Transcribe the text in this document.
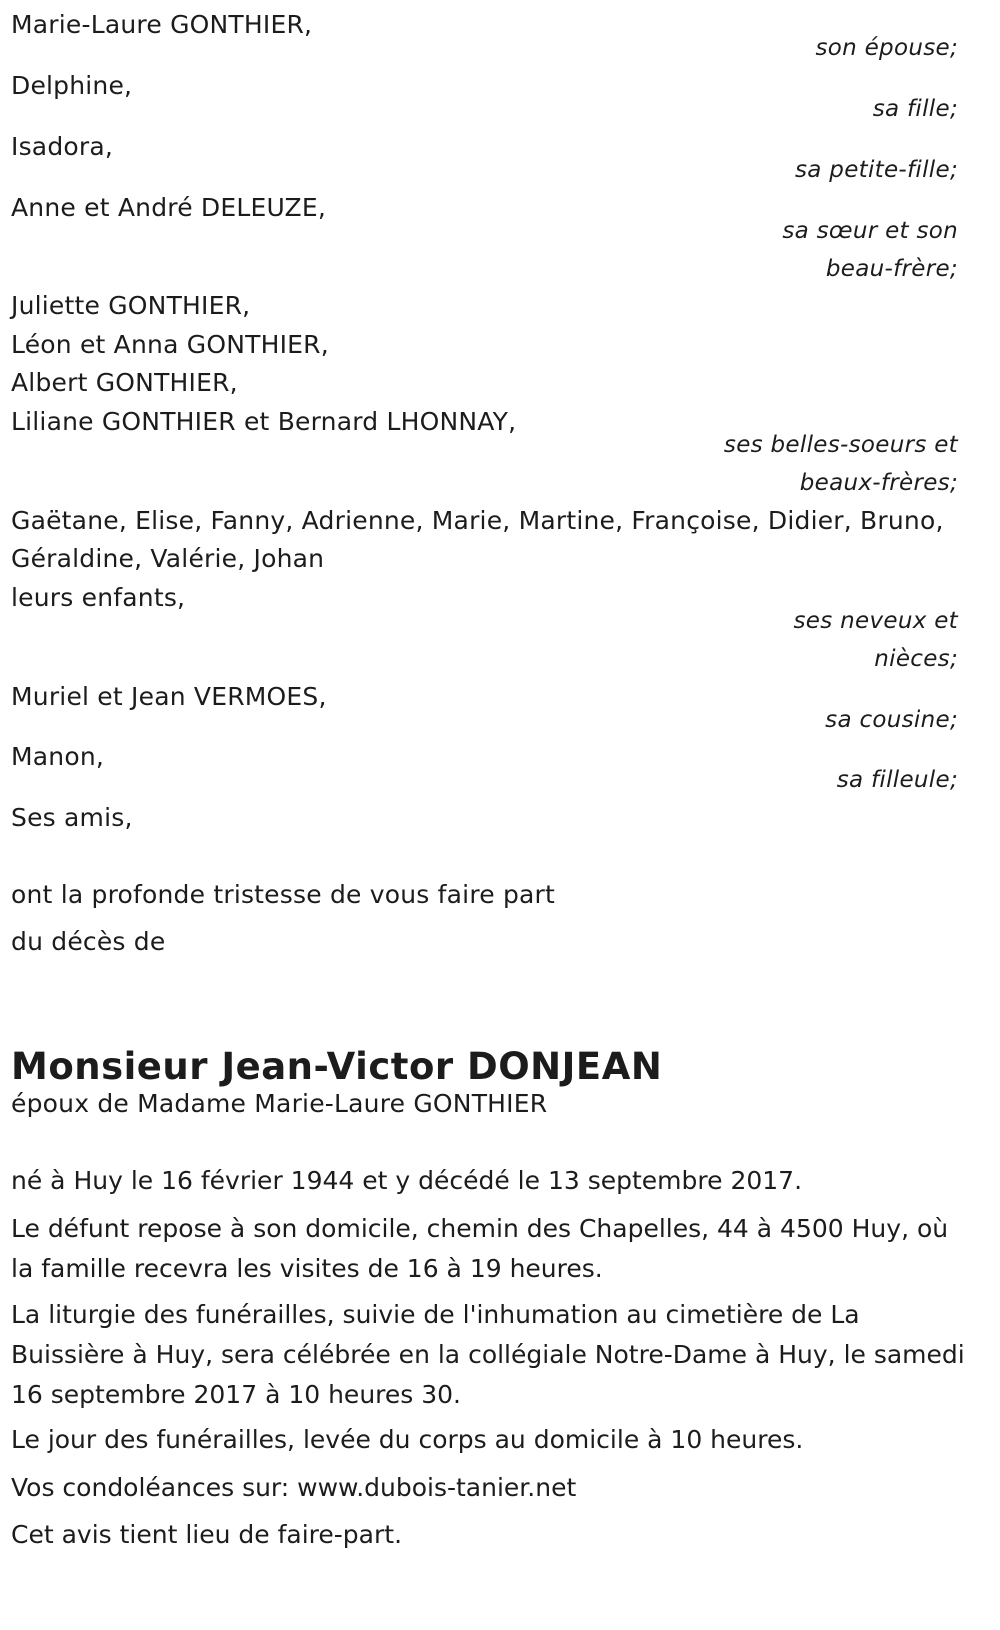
Marie-Laure GONTHIER,
son épouse;
Delphine,
sa fille;
Isadora,
sa petite-fille;
Anne et André DELEUZE,
sa sœur et son
beau-frère;
Juliette GONTHIER,
Léon et Anna GONTHIER,
Albert GONTHIER,
Liliane GONTHIER et Bernard LHONNAY,
ses belles-soeurs et
beaux-frères;
Gaëtane, Elise, Fanny, Adrienne, Marie, Martine, Françoise, Didier, Bruno,
Géraldine, Valérie, Johan
leurs enfants,
ses neveux et
nièces;
Muriel et Jean VERMOES,
sa cousine;
Manon,
sa filleule;
Ses amis,
ont la profonde tristesse de vous faire part
du décès de
Monsieur Jean-Victor DONJEAN
époux de Madame Marie-Laure GONTHIER
né à Huy le 16 février 1944 et y décédé le 13 septembre 2017.
Le défunt repose à son domicile, chemin des Chapelles, 44 à 4500 Huy, où la famille recevra les visites de 16 à 19 heures.
La liturgie des funérailles, suivie de l'inhumation au cimetière de La Buissière à Huy, sera célébrée en la collégiale Notre-Dame à Huy, le samedi 16 septembre 2017 à 10 heures 30.
Le jour des funérailles, levée du corps au domicile à 10 heures.
Vos condoléances sur: www.dubois-tanier.net
Cet avis tient lieu de faire-part.
